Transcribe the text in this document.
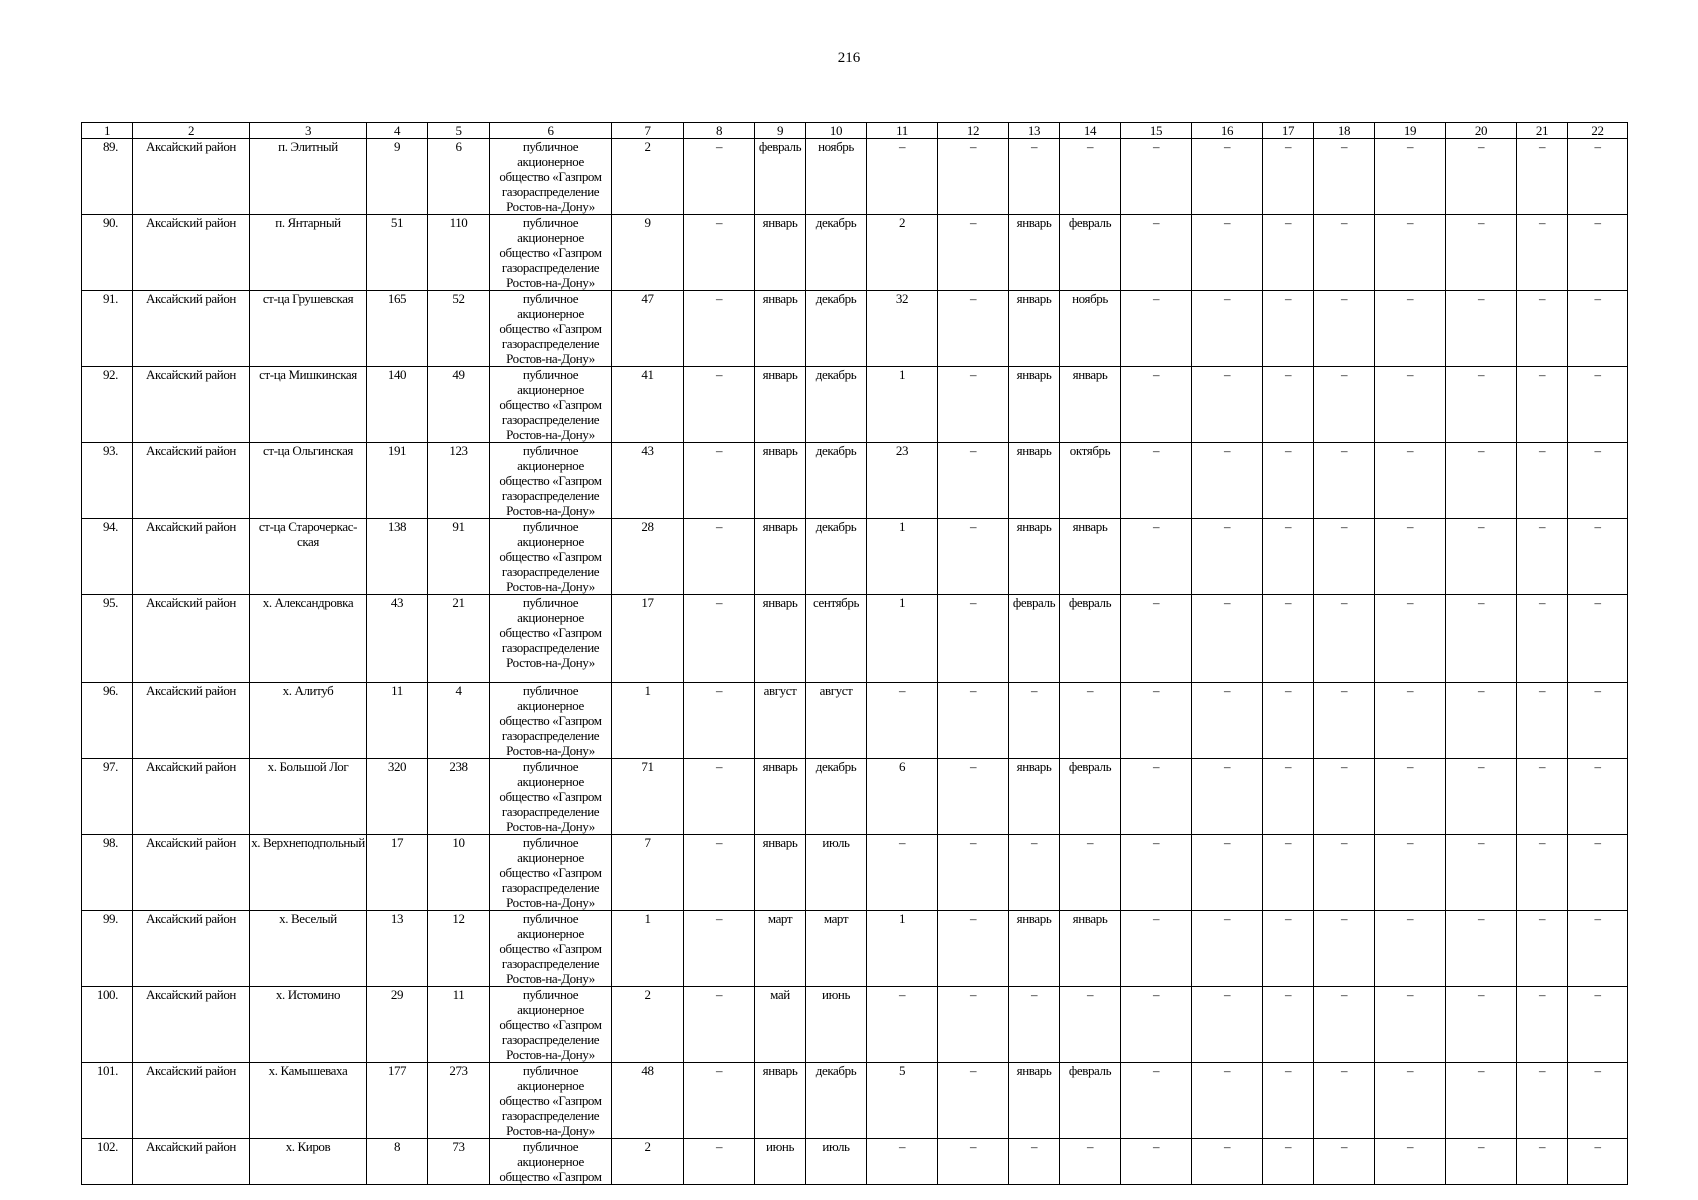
216
1	2	3	4	5	6	7	8	9	10	11	12	13	14	15	16	17	18	19	20	21	22
89.	Аксайский район	п. Элитный	9	6	публичное
акционерное
общество «Газпром
газораспределение
Ростов-на-Дону»	2	–	февраль	ноябрь	–	–	–	–	–	–	–	–	–	–	–	–
90.	Аксайский район	п. Янтарный	51	110	публичное
акционерное
общество «Газпром
газораспределение
Ростов-на-Дону»	9	–	январь	декабрь	2	–	январь	февраль	–	–	–	–	–	–	–	–
91.	Аксайский район	ст-ца Грушевская	165	52	публичное
акционерное
общество «Газпром
газораспределение
Ростов-на-Дону»	47	–	январь	декабрь	32	–	январь	ноябрь	–	–	–	–	–	–	–	–
92.	Аксайский район	ст-ца Мишкинская	140	49	публичное
акционерное
общество «Газпром
газораспределение
Ростов-на-Дону»	41	–	январь	декабрь	1	–	январь	январь	–	–	–	–	–	–	–	–
93.	Аксайский район	ст-ца Ольгинская	191	123	публичное
акционерное
общество «Газпром
газораспределение
Ростов-на-Дону»	43	–	январь	декабрь	23	–	январь	октябрь	–	–	–	–	–	–	–	–
94.	Аксайский район	ст-ца Старочеркас-ская	138	91	публичное
акционерное
общество «Газпром
газораспределение
Ростов-на-Дону»	28	–	январь	декабрь	1	–	январь	январь	–	–	–	–	–	–	–	–
95.	Аксайский район	х. Александровка	43	21	публичное
акционерное
общество «Газпром
газораспределение
Ростов-на-Дону»	17	–	январь	сентябрь	1	–	февраль	февраль	–	–	–	–	–	–	–	–
96.	Аксайский район	х. Алитуб	11	4	публичное
акционерное
общество «Газпром
газораспределение
Ростов-на-Дону»	1	–	август	август	–	–	–	–	–	–	–	–	–	–	–	–
97.	Аксайский район	х. Большой Лог	320	238	публичное
акционерное
общество «Газпром
газораспределение
Ростов-на-Дону»	71	–	январь	декабрь	6	–	январь	февраль	–	–	–	–	–	–	–	–
98.	Аксайский район	х. Верхнеподпольный	17	10	публичное
акционерное
общество «Газпром
газораспределение
Ростов-на-Дону»	7	–	январь	июль	–	–	–	–	–	–	–	–	–	–	–	–
99.	Аксайский район	х. Веселый	13	12	публичное
акционерное
общество «Газпром
газораспределение
Ростов-на-Дону»	1	–	март	март	1	–	январь	январь	–	–	–	–	–	–	–	–
100.	Аксайский район	х. Истомино	29	11	публичное
акционерное
общество «Газпром
газораспределение
Ростов-на-Дону»	2	–	май	июнь	–	–	–	–	–	–	–	–	–	–	–	–
101.	Аксайский район	х. Камышеваха	177	273	публичное
акционерное
общество «Газпром
газораспределение
Ростов-на-Дону»	48	–	январь	декабрь	5	–	январь	февраль	–	–	–	–	–	–	–	–
102.	Аксайский район	х. Киров	8	73	публичное
акционерное
общество «Газпром	2	–	июнь	июль	–	–	–	–	–	–	–	–	–	–	–	–
